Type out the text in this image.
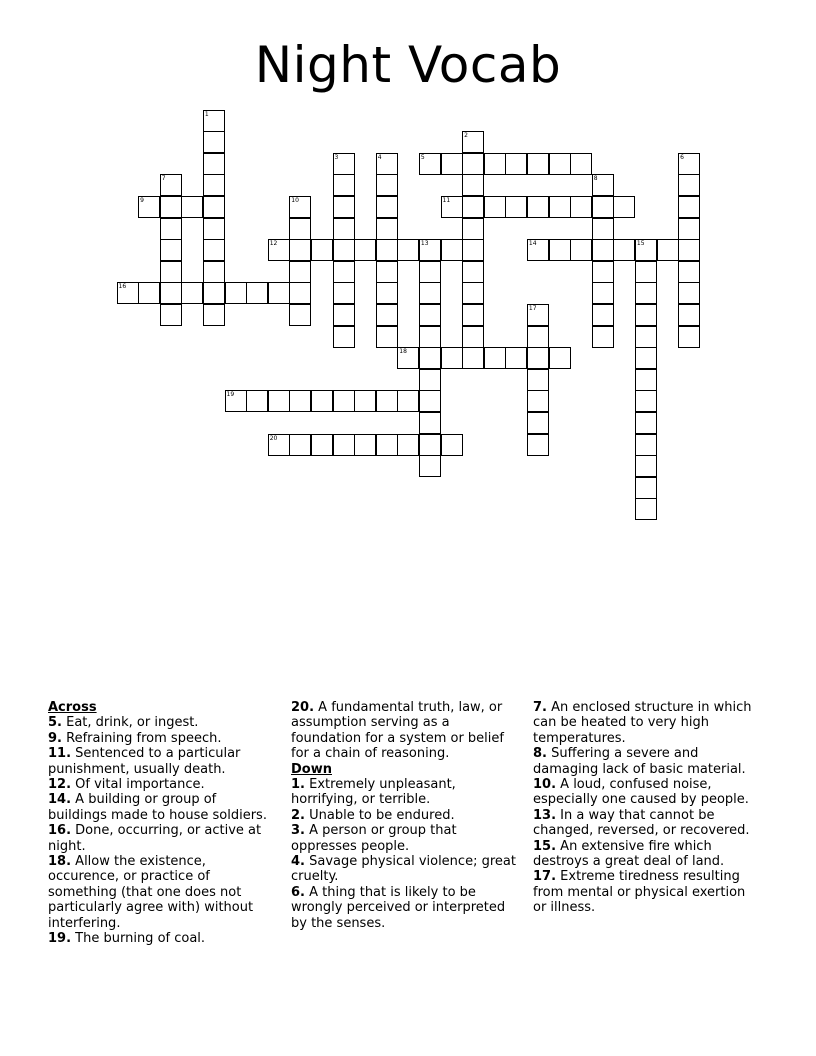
Night Vocab
1
2
3	4	5	6
7	8
9	10	11
12	13	14	15
16
17
18
19
20
Across

5. Eat, drink, or ingest.

9. Refraining from speech.

11. Sentenced to a particular punishment, usually death.

12. Of vital importance.

14. A building or group of buildings made to house soldiers.

16. Done, occurring, or active at night.

18. Allow the existence, occurence, or practice of something (that one does not particularly agree with) without interfering.

19. The burning of coal.

20. A fundamental truth, law, or assumption serving as a foundation for a system or belief for a chain of reasoning.

Down

1. Extremely unpleasant, horrifying, or terrible.

2. Unable to be endured.

3. A person or group that oppresses people.

4. Savage physical violence; great cruelty.

6. A thing that is likely to be wrongly perceived or interpreted by the senses.

7. An enclosed structure in which can be heated to very high temperatures.

8. Suffering a severe and damaging lack of basic material.

10. A loud, confused noise, especially one caused by people.

13. In a way that cannot be changed, reversed, or recovered.

15. An extensive fire which destroys a great deal of land.

17. Extreme tiredness resulting from mental or physical exertion or illness.
